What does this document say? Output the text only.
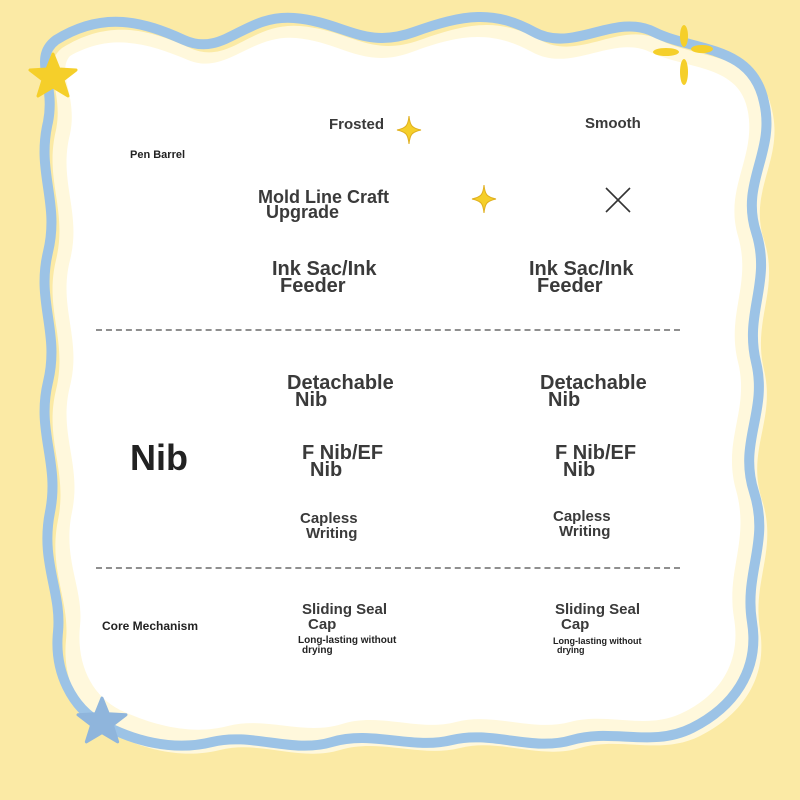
Pen Barrel
Frosted	Smooth
Mold Line Craft
Upgrade
Ink Sac/Ink
Feeder
Ink Sac/Ink
Feeder
Nib
Detachable
Nib
Detachable
Nib
F Nib/EF
Nib
F Nib/EF
Nib
Capless
Writing
Capless
Writing
Core Mechanism
Sliding Seal
Cap
Long-lasting without
drying
Sliding Seal
Cap
Long-lasting without
drying
